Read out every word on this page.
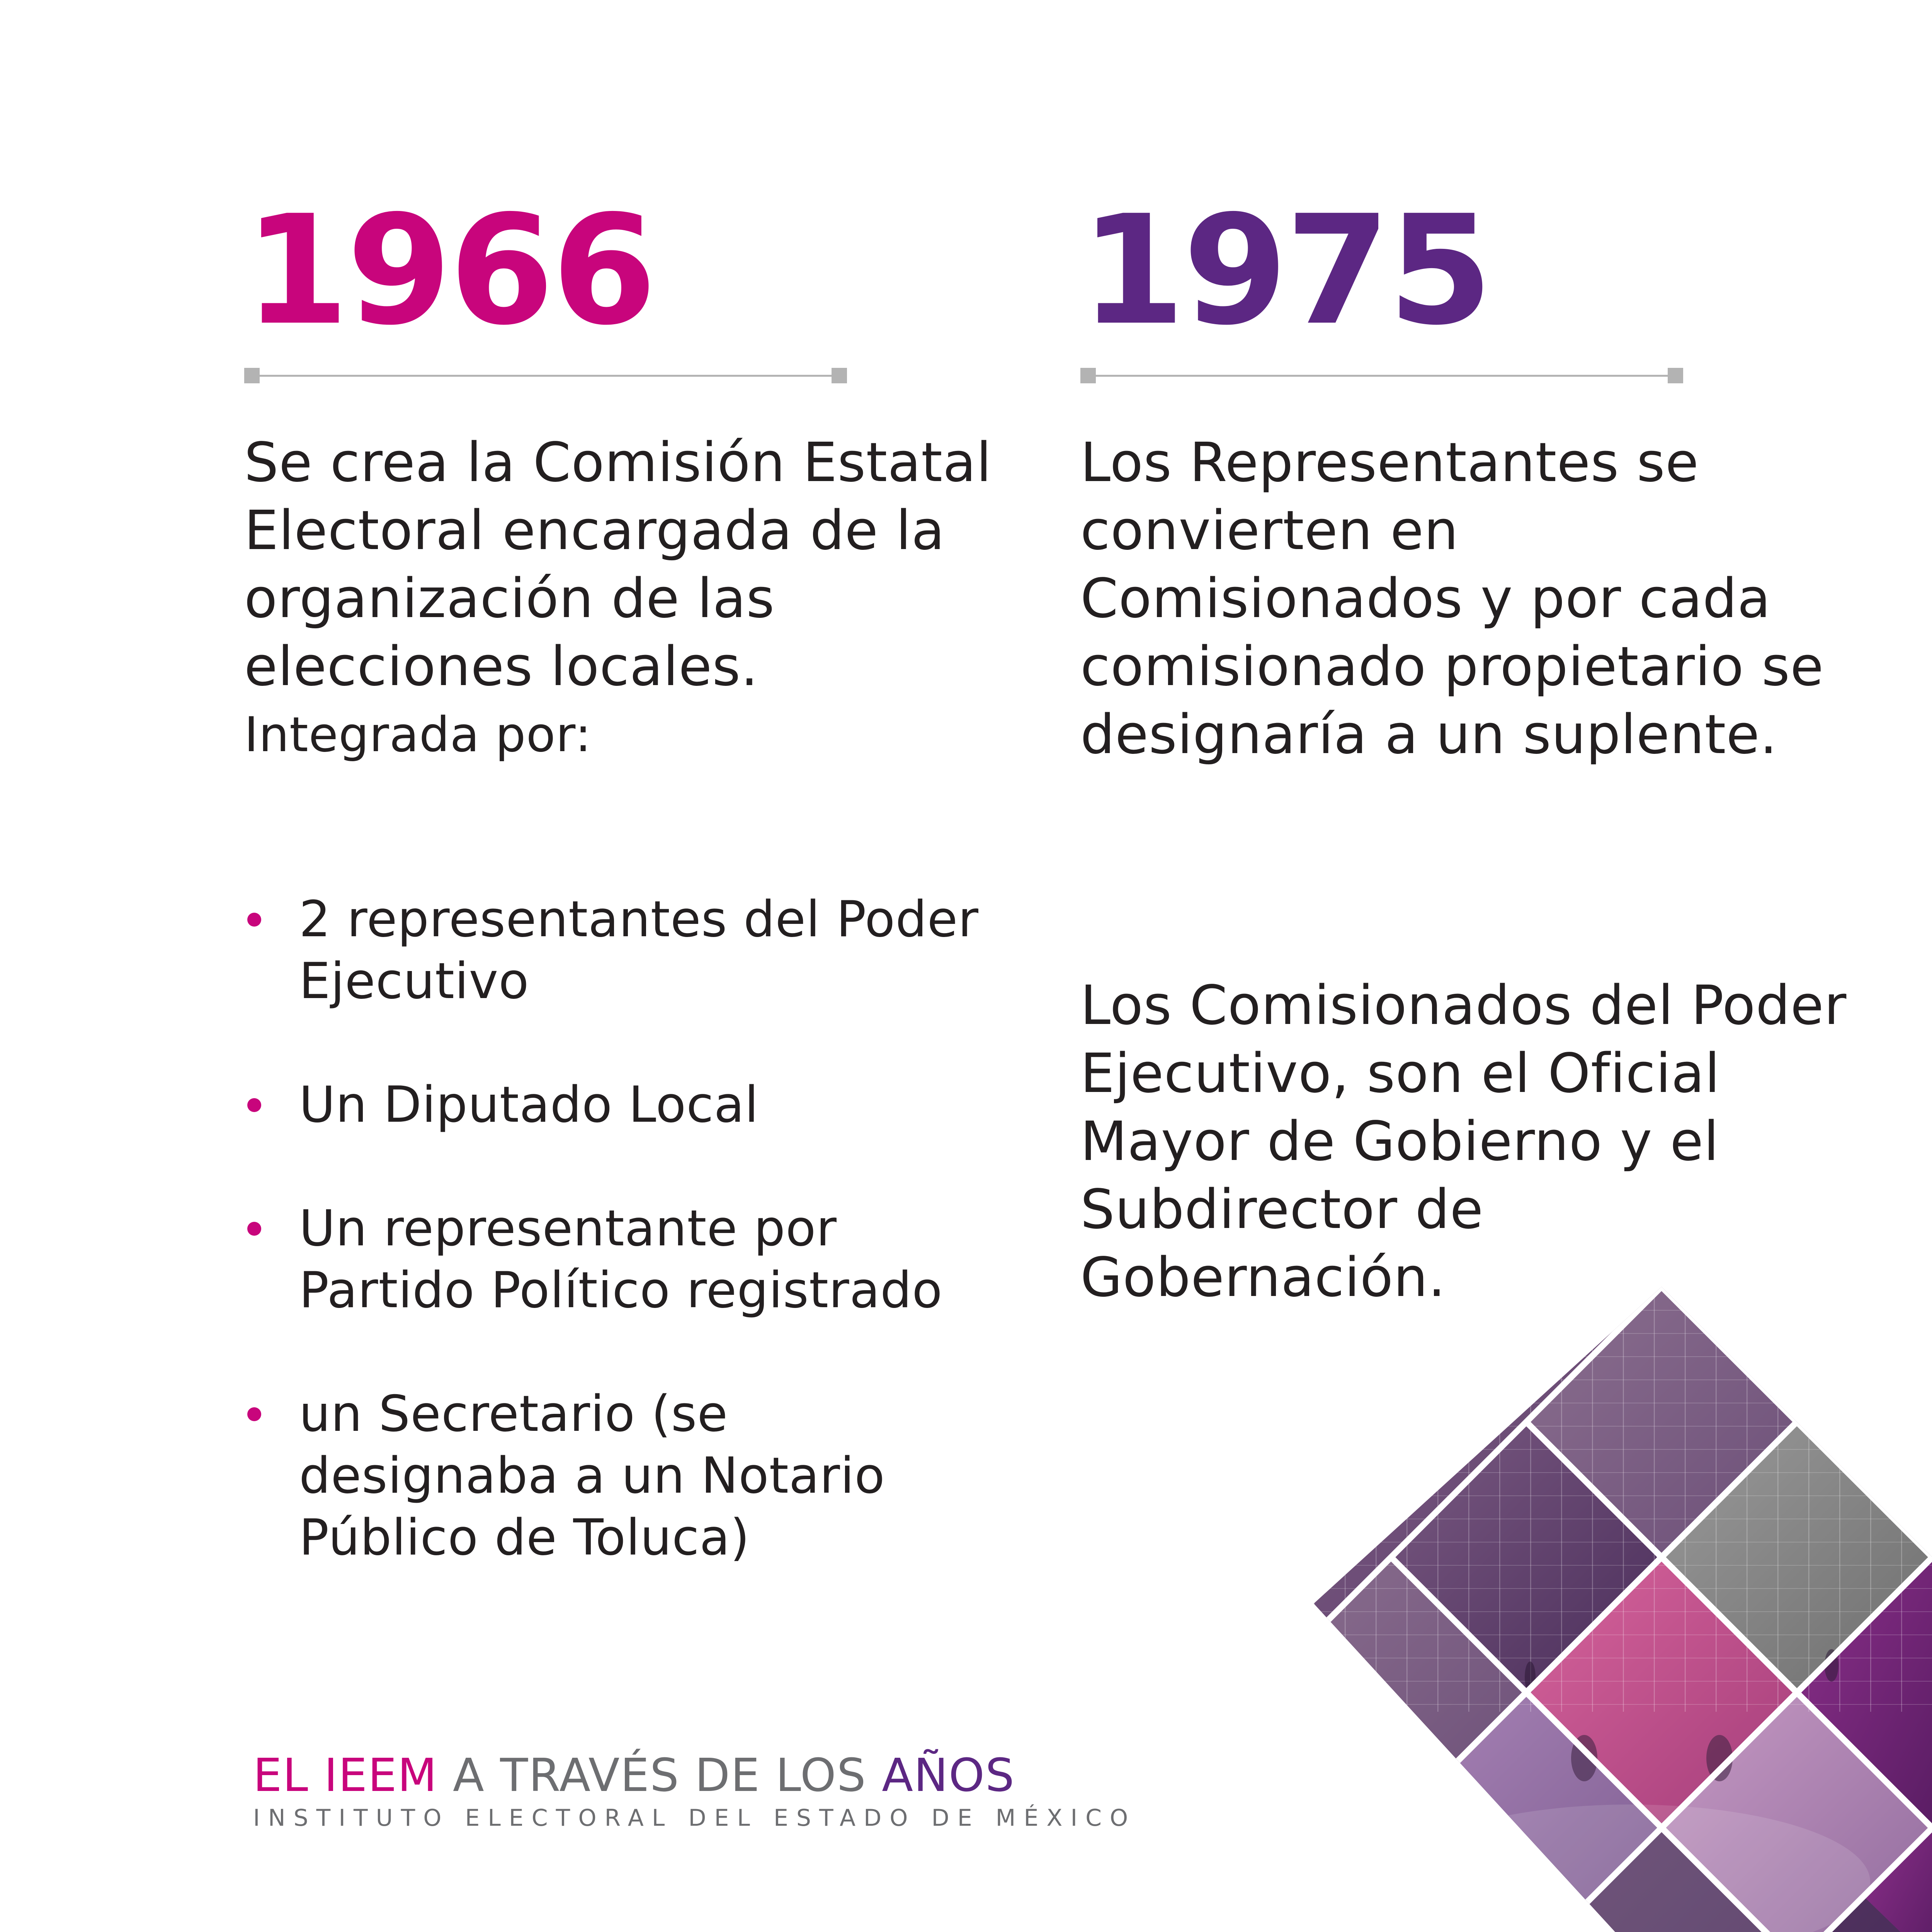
1966

Se crea la Comisión Estatal Electoral encargada de la organización de las elecciones locales.

Integrada por:

2 representantes del Poder Ejecutivo
Un Diputado Local
Un representante por Partido Político registrado
un Secretario (se designaba a un Notario Público de Toluca)
1975

Los Representantes se convierten en Comisionados y por cada comisionado propietario se designaría a un suplente.

Los Comisionados del Poder Ejecutivo, son el Oficial Mayor de Gobierno y el Subdirector de Gobernación.

EL IEEM A TRAVÉS DE LOS AÑOS
INSTITUTO ELECTORAL DEL ESTADO DE MÉXICO
